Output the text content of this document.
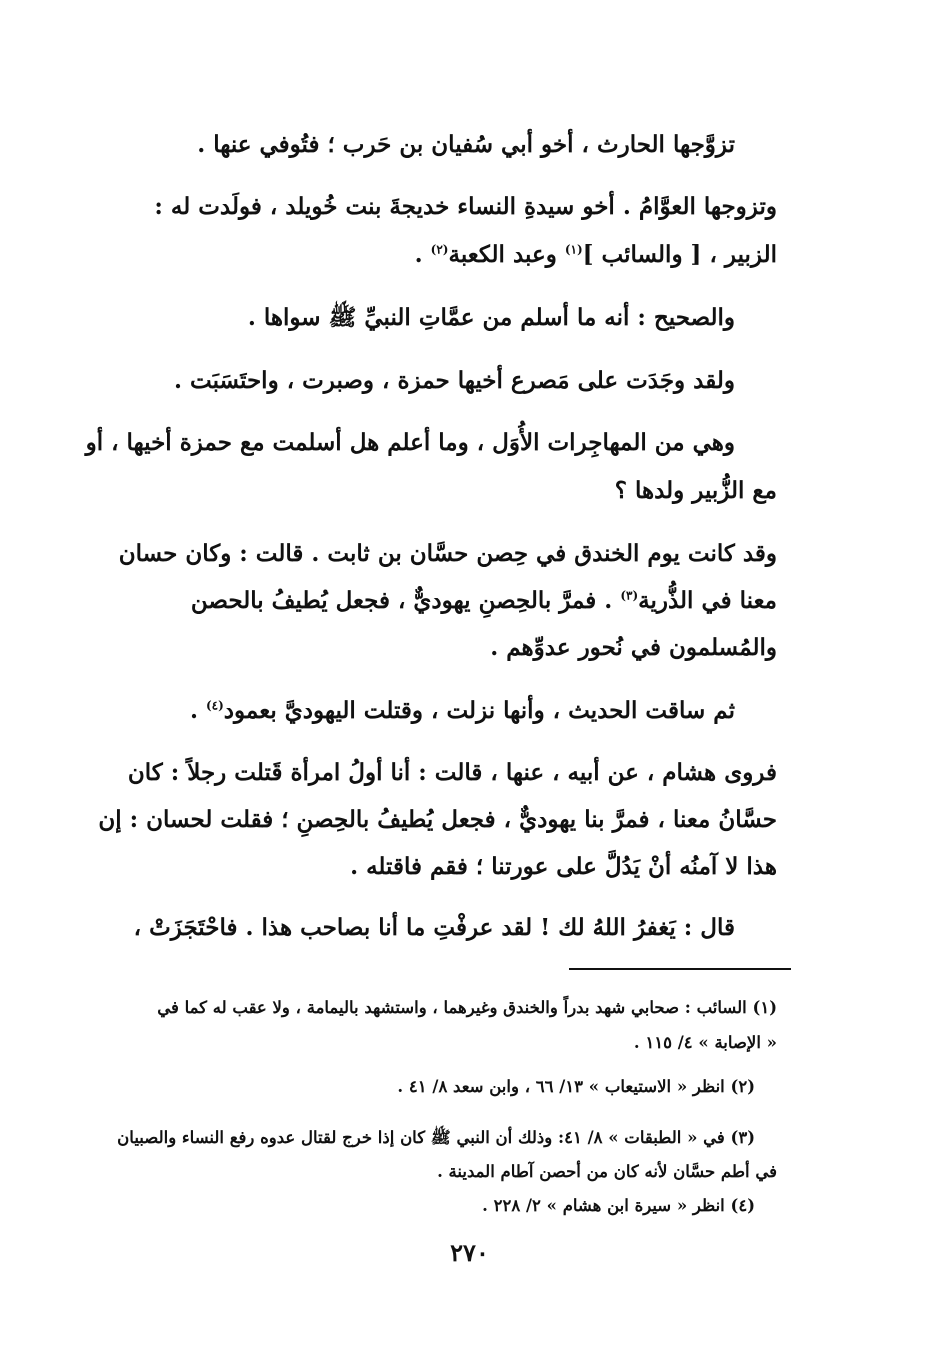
تزوَّجها الحارث ، أخو أبي سُفيان بن حَرب ؛ فتُوفي عنها .
وتزوجها العوَّامُ . أخو سيدةِ النساء خديجةَ بنت خُويلد ، فولَدت له :
الزبير ، [ والسائب ]$^{(١)}$ وعبد الكعبة$^{(٢)}$ .
والصحيح : أنه ما أسلم من عمَّاتِ النبيِّ ﷺ سواها .
ولقد وجَدَت على مَصرع أخيها حمزة ، وصبرت ، واحتَسَبَت .
وهي من المهاجِرات الأُوَل ، وما أعلم هل أسلمت مع حمزة أخيها ، أو
مع الزُّبير ولدها ؟
وقد كانت يوم الخندق في حِصن حسَّان بن ثابت . قالت : وكان حسان
معنا في الذُّرية$^{(٣)}$ . فمرَّ بالحِصنِ يهوديٌّ ، فجعل يُطيفُ بالحصن
والمُسلمون في نُحور عدوِّهم .
ثم ساقت الحديث ، وأنها نزلت ، وقتلت اليهوديَّ بعمود$^{(٤)}$ .
فروى هشام ، عن أبيه ، عنها ، قالت : أنا أولُ امرأة قَتلت رجلاً : كان
حسَّانُ معنا ، فمرَّ بنا يهوديٌّ ، فجعل يُطيفُ بالحِصنِ ؛ فقلت لحسان : إن
هذا لا آمنُه أنْ يَدُلَّ على عورتنا ؛ فقم فاقتله .
قال : يَغفرُ اللهُ لك ! لقد عرفْتِ ما أنا بصاحب هذا . فاحْتَجَزَتْ ،
(١) السائب : صحابي شهد بدراً والخندق وغيرهما ، واستشهد باليمامة ، ولا عقب له كما في
« الإصابة » ٤/ ١١٥ .
(٢) انظر « الاستيعاب » ١٣/ ٦٦ ، وابن سعد ٨/ ٤١ .
(٣) في « الطبقات » ٨/ ٤١: وذلك أن النبي ﷺ كان إذا خرج لقتال عدوه رفع النساء والصبيان
في أطم حسَّان لأنه كان من أحصن آطام المدينة .
(٤) انظر « سيرة ابن هشام » ٢/ ٢٢٨ .
٢٧٠
